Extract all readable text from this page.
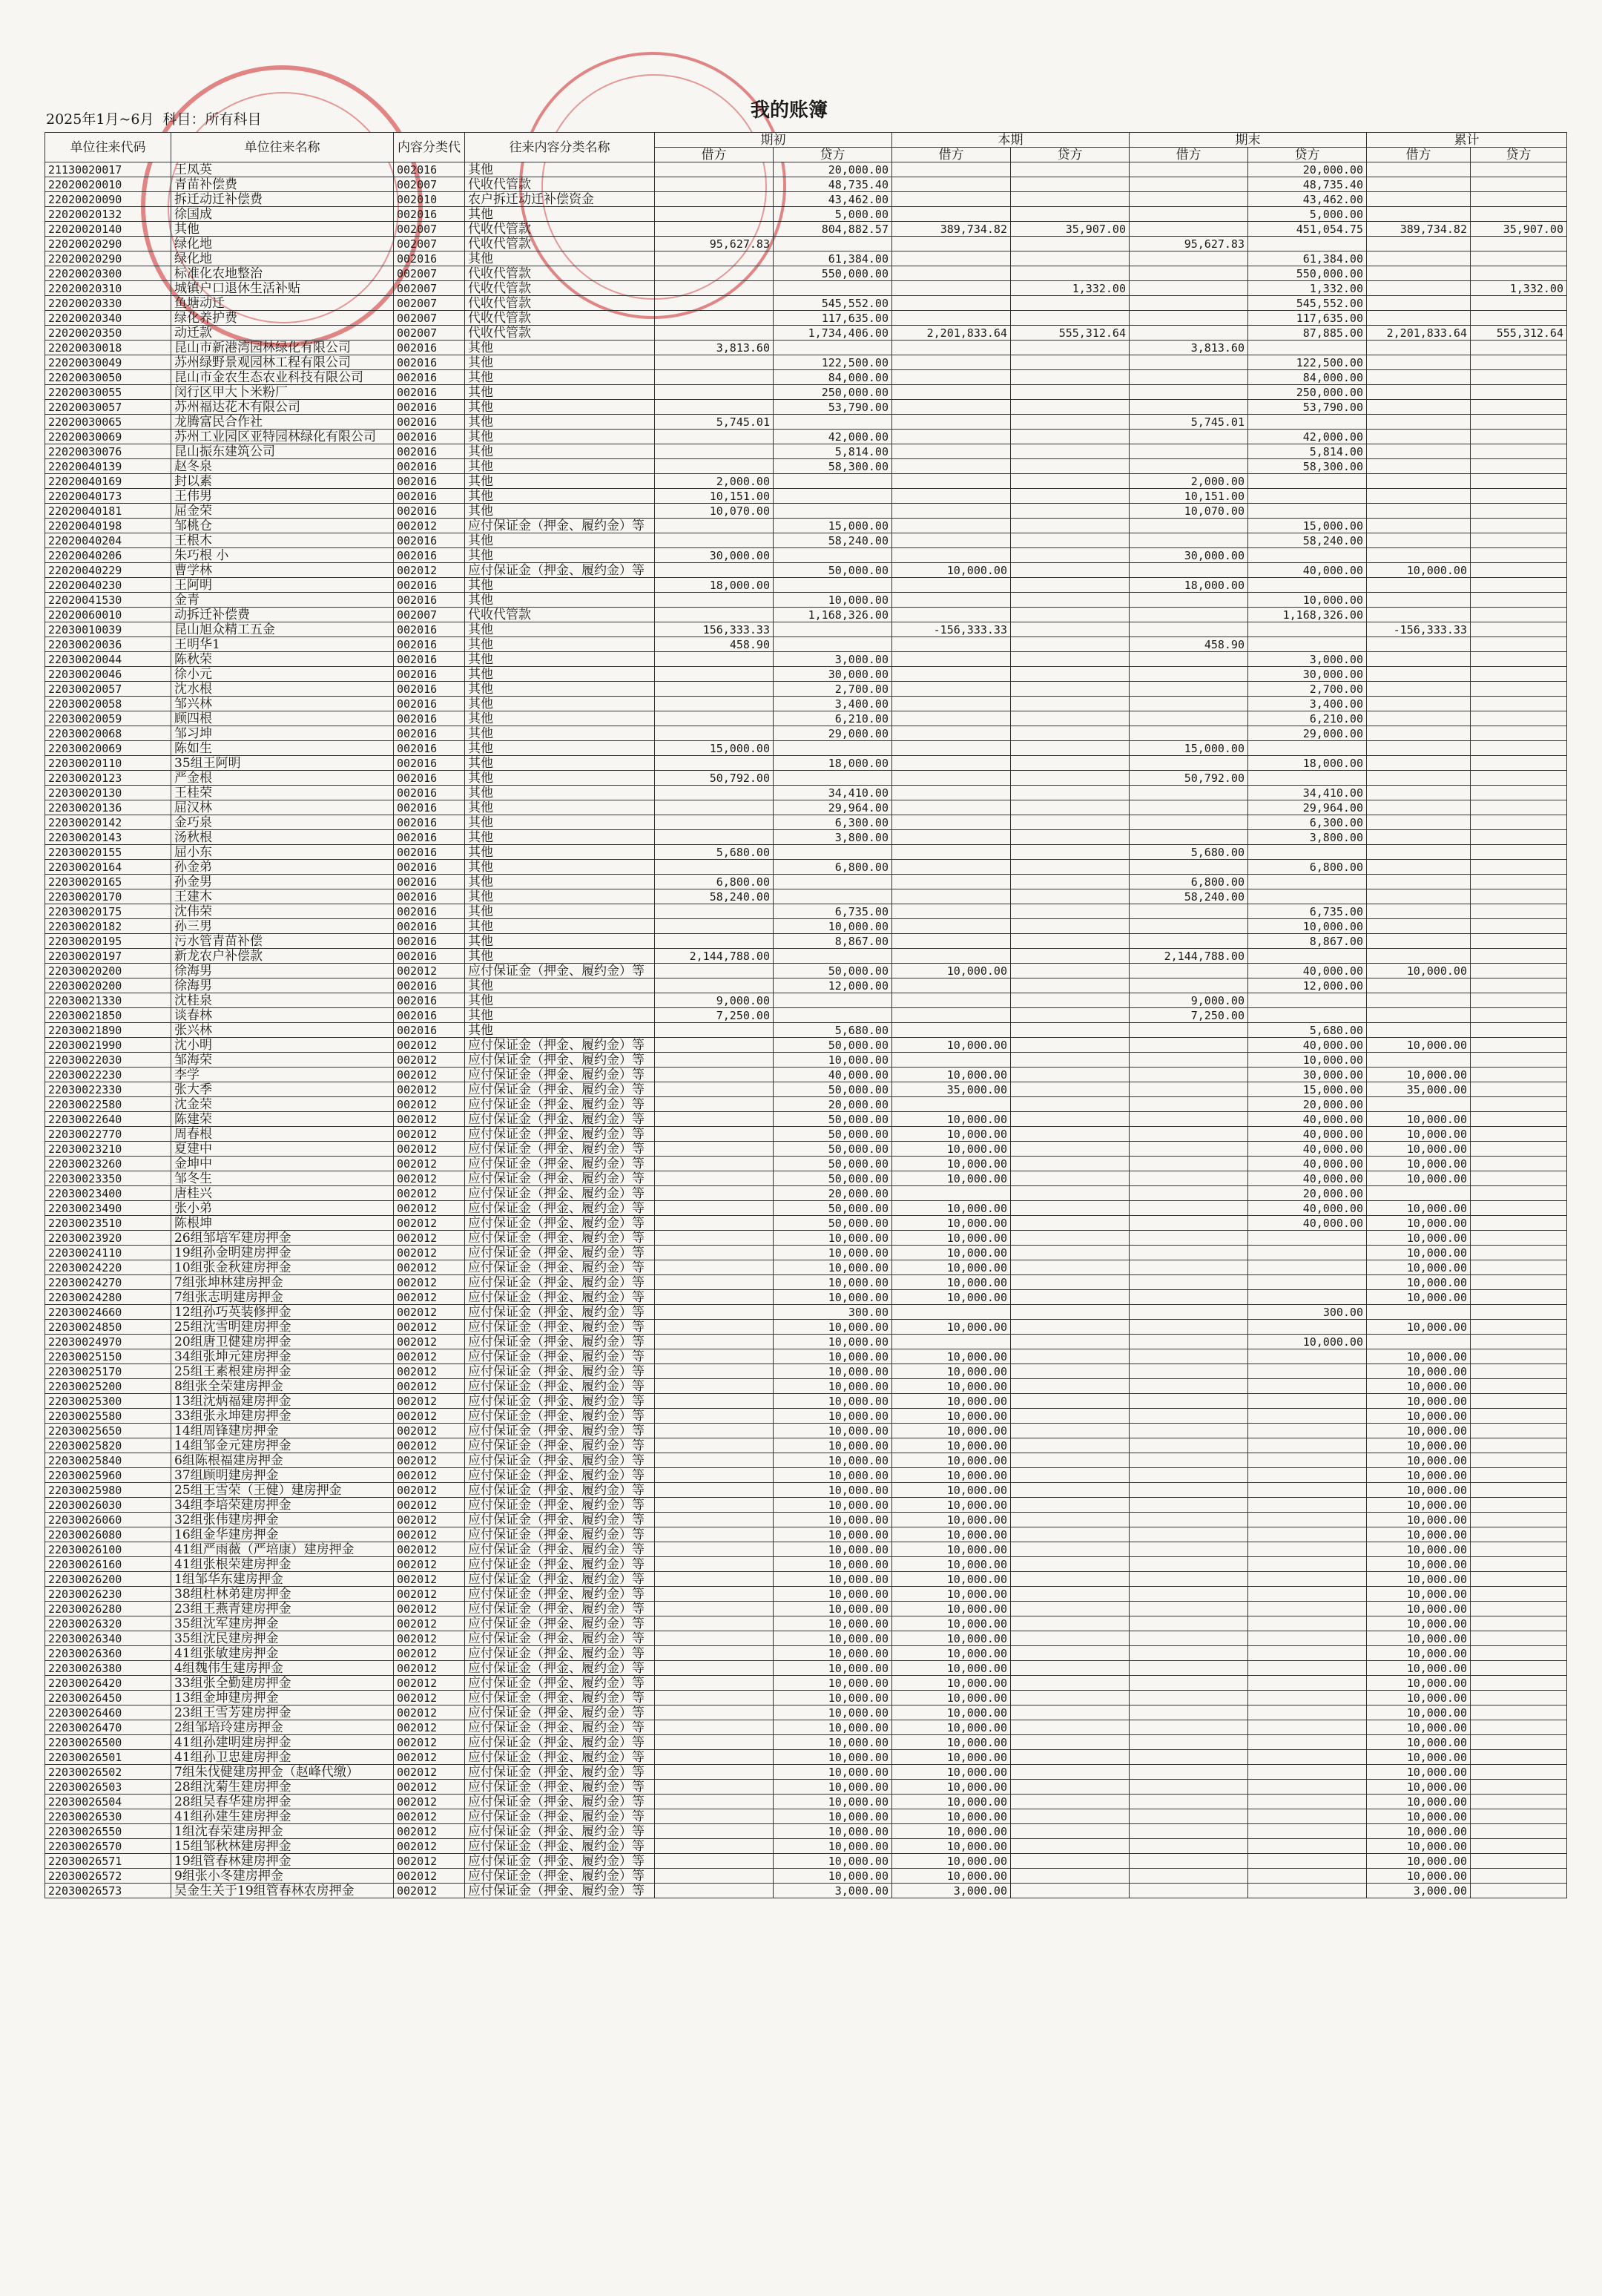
2025年1月~6月 科目：所有科目	我的账簿
单位往来代码	单位往来名称	内容分类代	往来内容分类名称	期初		本期		期末		累计	
				借方	贷方	借方	贷方	借方	贷方	借方	贷方
21130020017	王凤英	002016	其他		20,000.00				20,000.00		
22020020010	青苗补偿费	002007	代收代管款		48,735.40				48,735.40		
22020020090	拆迁动迁补偿费	002010	农户拆迁动迁补偿资金		43,462.00				43,462.00		
22020020132	徐国成	002016	其他		5,000.00				5,000.00		
22020020140	其他	002007	代收代管款		804,882.57	389,734.82	35,907.00		451,054.75	389,734.82	35,907.00
22020020290	绿化地	002007	代收代管款	95,627.83				95,627.83			
22020020290	绿化地	002016	其他		61,384.00				61,384.00		
22020020300	标准化农地整治	002007	代收代管款		550,000.00				550,000.00		
22020020310	城镇户口退休生活补贴	002007	代收代管款				1,332.00		1,332.00		1,332.00
22020020330	鱼塘动迁	002007	代收代管款		545,552.00				545,552.00		
22020020340	绿化养护费	002007	代收代管款		117,635.00				117,635.00		
22020020350	动迁款	002007	代收代管款		1,734,406.00	2,201,833.64	555,312.64		87,885.00	2,201,833.64	555,312.64
22020030018	昆山市新港湾园林绿化有限公司	002016	其他	3,813.60				3,813.60			
22020030049	苏州绿野景观园林工程有限公司	002016	其他		122,500.00				122,500.00		
22020030050	昆山市金农生态农业科技有限公司	002016	其他		84,000.00				84,000.00		
22020030055	闵行区甲大卜米粉厂	002016	其他		250,000.00				250,000.00		
22020030057	苏州福达花木有限公司	002016	其他		53,790.00				53,790.00		
22020030065	龙腾富民合作社	002016	其他	5,745.01				5,745.01			
22020030069	苏州工业园区亚特园林绿化有限公司	002016	其他		42,000.00				42,000.00		
22020030076	昆山振东建筑公司	002016	其他		5,814.00				5,814.00		
22020040139	赵冬泉	002016	其他		58,300.00				58,300.00		
22020040169	封以素	002016	其他	2,000.00				2,000.00			
22020040173	王伟男	002016	其他	10,151.00				10,151.00			
22020040181	屈金荣	002016	其他	10,070.00				10,070.00			
22020040198	邹桃仓	002012	应付保证金（押金、履约金）等		15,000.00				15,000.00		
22020040204	王根木	002016	其他		58,240.00				58,240.00		
22020040206	朱巧根 小	002016	其他	30,000.00				30,000.00			
22020040229	曹学林	002012	应付保证金（押金、履约金）等		50,000.00	10,000.00			40,000.00	10,000.00	
22020040230	王阿明	002016	其他	18,000.00				18,000.00			
22020041530	金青	002016	其他		10,000.00				10,000.00		
22020060010	动拆迁补偿费	002007	代收代管款		1,168,326.00				1,168,326.00		
22030010039	昆山旭众精工五金	002016	其他	156,333.33		-156,333.33				-156,333.33	
22030020036	王明华1	002016	其他	458.90				458.90			
22030020044	陈秋荣	002016	其他		3,000.00				3,000.00		
22030020046	徐小元	002016	其他		30,000.00				30,000.00		
22030020057	沈水根	002016	其他		2,700.00				2,700.00		
22030020058	邹兴林	002016	其他		3,400.00				3,400.00		
22030020059	顾四根	002016	其他		6,210.00				6,210.00		
22030020068	邹习坤	002016	其他		29,000.00				29,000.00		
22030020069	陈如生	002016	其他	15,000.00				15,000.00			
22030020110	35组王阿明	002016	其他		18,000.00				18,000.00		
22030020123	严金根	002016	其他	50,792.00				50,792.00			
22030020130	王桂荣	002016	其他		34,410.00				34,410.00		
22030020136	屈汉林	002016	其他		29,964.00				29,964.00		
22030020142	金巧泉	002016	其他		6,300.00				6,300.00		
22030020143	汤秋根	002016	其他		3,800.00				3,800.00		
22030020155	屈小东	002016	其他	5,680.00				5,680.00			
22030020164	孙金弟	002016	其他		6,800.00				6,800.00		
22030020165	孙金男	002016	其他	6,800.00				6,800.00			
22030020170	王建木	002016	其他	58,240.00				58,240.00			
22030020175	沈伟荣	002016	其他		6,735.00				6,735.00		
22030020182	孙三男	002016	其他		10,000.00				10,000.00		
22030020195	污水管青苗补偿	002016	其他		8,867.00				8,867.00		
22030020197	新龙农户补偿款	002016	其他	2,144,788.00				2,144,788.00			
22030020200	徐海男	002012	应付保证金（押金、履约金）等		50,000.00	10,000.00			40,000.00	10,000.00	
22030020200	徐海男	002016	其他		12,000.00				12,000.00		
22030021330	沈桂泉	002016	其他	9,000.00				9,000.00			
22030021850	谈春林	002016	其他	7,250.00				7,250.00			
22030021890	张兴林	002016	其他		5,680.00				5,680.00		
22030021990	沈小明	002012	应付保证金（押金、履约金）等		50,000.00	10,000.00			40,000.00	10,000.00	
22030022030	邹海荣	002012	应付保证金（押金、履约金）等		10,000.00				10,000.00		
22030022230	李学	002012	应付保证金（押金、履约金）等		40,000.00	10,000.00			30,000.00	10,000.00	
22030022330	张大季	002012	应付保证金（押金、履约金）等		50,000.00	35,000.00			15,000.00	35,000.00	
22030022580	沈金荣	002012	应付保证金（押金、履约金）等		20,000.00				20,000.00		
22030022640	陈建荣	002012	应付保证金（押金、履约金）等		50,000.00	10,000.00			40,000.00	10,000.00	
22030022770	周春根	002012	应付保证金（押金、履约金）等		50,000.00	10,000.00			40,000.00	10,000.00	
22030023210	夏建中	002012	应付保证金（押金、履约金）等		50,000.00	10,000.00			40,000.00	10,000.00	
22030023260	金坤中	002012	应付保证金（押金、履约金）等		50,000.00	10,000.00			40,000.00	10,000.00	
22030023350	邹冬生	002012	应付保证金（押金、履约金）等		50,000.00	10,000.00			40,000.00	10,000.00	
22030023400	唐桂兴	002012	应付保证金（押金、履约金）等		20,000.00				20,000.00		
22030023490	张小弟	002012	应付保证金（押金、履约金）等		50,000.00	10,000.00			40,000.00	10,000.00	
22030023510	陈根坤	002012	应付保证金（押金、履约金）等		50,000.00	10,000.00			40,000.00	10,000.00	
22030023920	26组邹培军建房押金	002012	应付保证金（押金、履约金）等		10,000.00	10,000.00				10,000.00	
22030024110	19组孙金明建房押金	002012	应付保证金（押金、履约金）等		10,000.00	10,000.00				10,000.00	
22030024220	10组张金秋建房押金	002012	应付保证金（押金、履约金）等		10,000.00	10,000.00				10,000.00	
22030024270	7组张坤林建房押金	002012	应付保证金（押金、履约金）等		10,000.00	10,000.00				10,000.00	
22030024280	7组张志明建房押金	002012	应付保证金（押金、履约金）等		10,000.00	10,000.00				10,000.00	
22030024660	12组孙巧英装修押金	002012	应付保证金（押金、履约金）等		300.00				300.00		
22030024850	25组沈雪明建房押金	002012	应付保证金（押金、履约金）等		10,000.00	10,000.00				10,000.00	
22030024970	20组唐卫健建房押金	002012	应付保证金（押金、履约金）等		10,000.00				10,000.00		
22030025150	34组张坤元建房押金	002012	应付保证金（押金、履约金）等		10,000.00	10,000.00				10,000.00	
22030025170	25组王素根建房押金	002012	应付保证金（押金、履约金）等		10,000.00	10,000.00				10,000.00	
22030025200	8组张全荣建房押金	002012	应付保证金（押金、履约金）等		10,000.00	10,000.00				10,000.00	
22030025300	13组沈炳福建房押金	002012	应付保证金（押金、履约金）等		10,000.00	10,000.00				10,000.00	
22030025580	33组张永坤建房押金	002012	应付保证金（押金、履约金）等		10,000.00	10,000.00				10,000.00	
22030025650	14组周锋建房押金	002012	应付保证金（押金、履约金）等		10,000.00	10,000.00				10,000.00	
22030025820	14组邹金元建房押金	002012	应付保证金（押金、履约金）等		10,000.00	10,000.00				10,000.00	
22030025840	6组陈根福建房押金	002012	应付保证金（押金、履约金）等		10,000.00	10,000.00				10,000.00	
22030025960	37组顾明建房押金	002012	应付保证金（押金、履约金）等		10,000.00	10,000.00				10,000.00	
22030025980	25组王雪荣（王健）建房押金	002012	应付保证金（押金、履约金）等		10,000.00	10,000.00				10,000.00	
22030026030	34组李培荣建房押金	002012	应付保证金（押金、履约金）等		10,000.00	10,000.00				10,000.00	
22030026060	32组张伟建房押金	002012	应付保证金（押金、履约金）等		10,000.00	10,000.00				10,000.00	
22030026080	16组金华建房押金	002012	应付保证金（押金、履约金）等		10,000.00	10,000.00				10,000.00	
22030026100	41组严雨薇（严培康）建房押金	002012	应付保证金（押金、履约金）等		10,000.00	10,000.00				10,000.00	
22030026160	41组张根荣建房押金	002012	应付保证金（押金、履约金）等		10,000.00	10,000.00				10,000.00	
22030026200	1组邹华东建房押金	002012	应付保证金（押金、履约金）等		10,000.00	10,000.00				10,000.00	
22030026230	38组杜林弟建房押金	002012	应付保证金（押金、履约金）等		10,000.00	10,000.00				10,000.00	
22030026280	23组王燕青建房押金	002012	应付保证金（押金、履约金）等		10,000.00	10,000.00				10,000.00	
22030026320	35组沈军建房押金	002012	应付保证金（押金、履约金）等		10,000.00	10,000.00				10,000.00	
22030026340	35组沈民建房押金	002012	应付保证金（押金、履约金）等		10,000.00	10,000.00				10,000.00	
22030026360	41组张敏建房押金	002012	应付保证金（押金、履约金）等		10,000.00	10,000.00				10,000.00	
22030026380	4组魏伟生建房押金	002012	应付保证金（押金、履约金）等		10,000.00	10,000.00				10,000.00	
22030026420	33组张全勤建房押金	002012	应付保证金（押金、履约金）等		10,000.00	10,000.00				10,000.00	
22030026450	13组金坤建房押金	002012	应付保证金（押金、履约金）等		10,000.00	10,000.00				10,000.00	
22030026460	23组王雪芳建房押金	002012	应付保证金（押金、履约金）等		10,000.00	10,000.00				10,000.00	
22030026470	2组邹培玲建房押金	002012	应付保证金（押金、履约金）等		10,000.00	10,000.00				10,000.00	
22030026500	41组孙建明建房押金	002012	应付保证金（押金、履约金）等		10,000.00	10,000.00				10,000.00	
22030026501	41组孙卫忠建房押金	002012	应付保证金（押金、履约金）等		10,000.00	10,000.00				10,000.00	
22030026502	7组朱伐健建房押金（赵峰代缴）	002012	应付保证金（押金、履约金）等		10,000.00	10,000.00				10,000.00	
22030026503	28组沈菊生建房押金	002012	应付保证金（押金、履约金）等		10,000.00	10,000.00				10,000.00	
22030026504	28组吴春华建房押金	002012	应付保证金（押金、履约金）等		10,000.00	10,000.00				10,000.00	
22030026530	41组孙建生建房押金	002012	应付保证金（押金、履约金）等		10,000.00	10,000.00				10,000.00	
22030026550	1组沈春荣建房押金	002012	应付保证金（押金、履约金）等		10,000.00	10,000.00				10,000.00	
22030026570	15组邹秋林建房押金	002012	应付保证金（押金、履约金）等		10,000.00	10,000.00				10,000.00	
22030026571	19组管春林建房押金	002012	应付保证金（押金、履约金）等		10,000.00	10,000.00				10,000.00	
22030026572	9组张小冬建房押金	002012	应付保证金（押金、履约金）等		10,000.00	10,000.00				10,000.00	
22030026573	吴金生关于19组管春林农房押金	002012	应付保证金（押金、履约金）等		3,000.00	3,000.00				3,000.00	
